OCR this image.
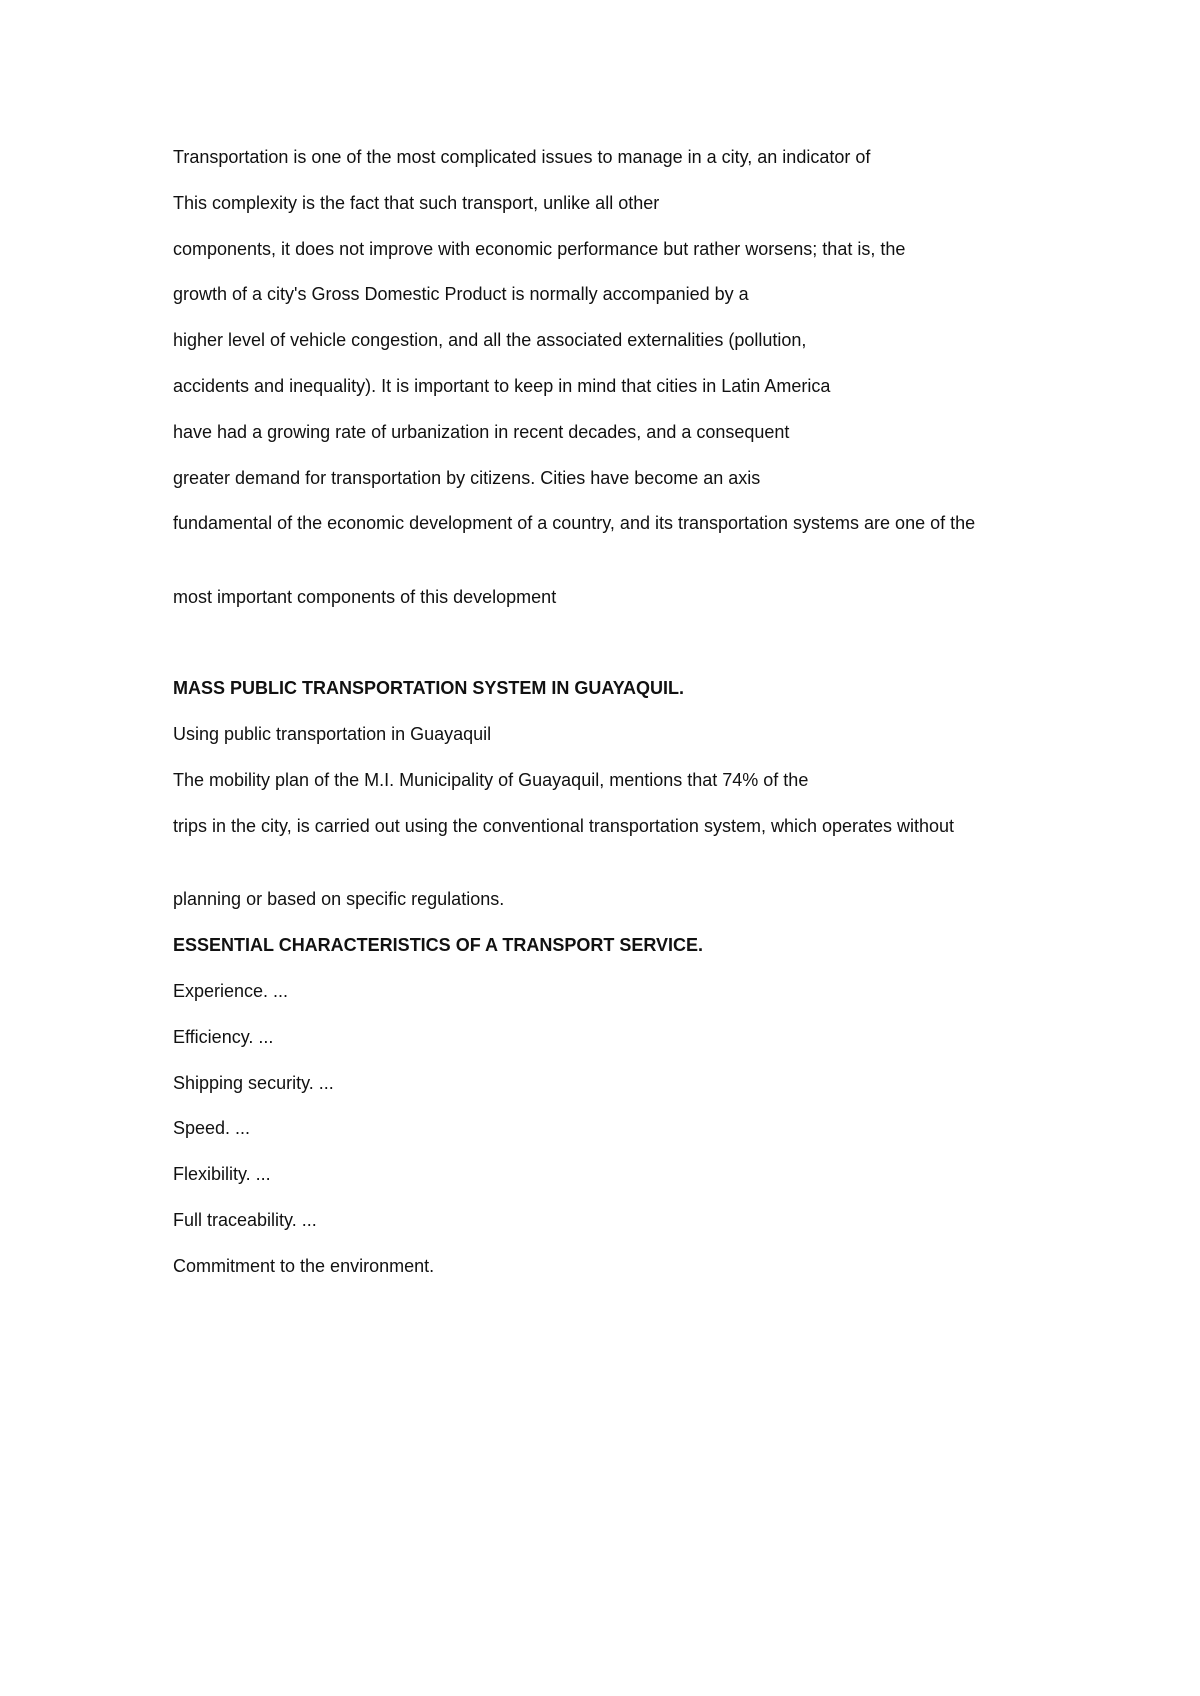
Transportation is one of the most complicated issues to manage in a city, an indicator of
This complexity is the fact that such transport, unlike all other
components, it does not improve with economic performance but rather worsens; that is, the
growth of a city's Gross Domestic Product is normally accompanied by a
higher level of vehicle congestion, and all the associated externalities (pollution,
accidents and inequality). It is important to keep in mind that cities in Latin America
have had a growing rate of urbanization in recent decades, and a consequent
greater demand for transportation by citizens. Cities have become an axis
fundamental of the economic development of a country, and its transportation systems are one of the
most important components of this development
MASS PUBLIC TRANSPORTATION SYSTEM IN GUAYAQUIL.
Using public transportation in Guayaquil
The mobility plan of the M.I. Municipality of Guayaquil, mentions that 74% of the
trips in the city, is carried out using the conventional transportation system, which operates without
planning or based on specific regulations.
ESSENTIAL CHARACTERISTICS OF A TRANSPORT SERVICE.
Experience. ...
Efficiency. ...
Shipping security. ...
Speed. ...
Flexibility. ...
Full traceability. ...
Commitment to the environment.
